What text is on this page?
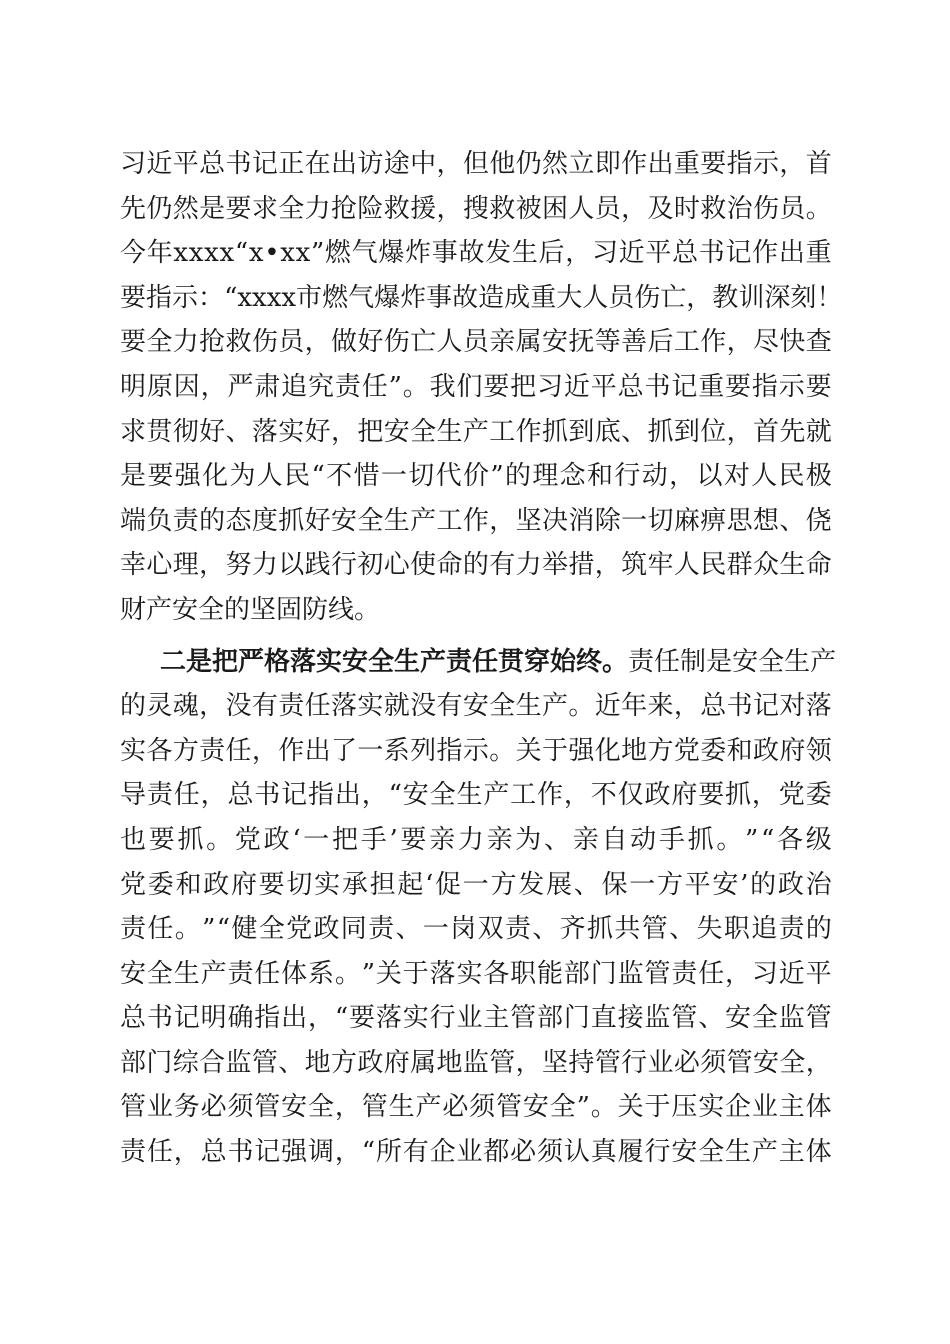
习 近 平 总 书 记 正 在 出 访 途 中 ， 但 他 仍 然 立 即 作 出 重 要 指 示 ， 首
先 仍 然 是 要 求 全 力 抢 险 救 援 ， 搜 救 被 困 人 员 ， 及 时 救 治 伤 员 。
今 年 x x x x “ x • x x ” 燃 气 爆 炸 事 故 发 生 后 ， 习 近 平 总 书 记 作 出 重
要 指 示 ： “ x x x x 市 燃 气 爆 炸 事 故 造 成 重 大 人 员 伤 亡 ， 教 训 深 刻 ！
要 全 力 抢 救 伤 员 ， 做 好 伤 亡 人 员 亲 属 安 抚 等 善 后 工 作 ， 尽 快 查
明 原 因 ， 严 肃 追 究 责 任 ” 。 我 们 要 把 习 近 平 总 书 记 重 要 指 示 要
求 贯 彻 好 、 落 实 好 ， 把 安 全 生 产 工 作 抓 到 底 、 抓 到 位 ， 首 先 就
是 要 强 化 为 人 民 “ 不 惜 一 切 代 价 ” 的 理 念 和 行 动 ， 以 对 人 民 极
端 负 责 的 态 度 抓 好 安 全 生 产 工 作 ， 坚 决 消 除 一 切 麻 痹 思 想 、 侥
幸 心 理 ， 努 力 以 践 行 初 心 使 命 的 有 力 举 措 ， 筑 牢 人 民 群 众 生 命
财产安全的坚固防线。
二是把严格落实安全生产责任贯穿始终。 责 任 制 是 安 全 生 产
的 灵 魂 ， 没 有 责 任 落 实 就 没 有 安 全 生 产 。 近 年 来 ， 总 书 记 对 落
实 各 方 责 任 ， 作 出 了 一 系 列 指 示 。 关 于 强 化 地 方 党 委 和 政 府 领
导 责 任 ， 总 书 记 指 出 ， “ 安 全 生 产 工 作 ， 不 仅 政 府 要 抓 ， 党 委
也 要 抓 。 党 政 ‘ 一 把 手 ’ 要 亲 力 亲 为 、 亲 自 动 手 抓 。 ” “ 各 级
党 委 和 政 府 要 切 实 承 担 起 ‘ 促 一 方 发 展 、 保 一 方 平 安 ’ 的 政 治
责 任 。 ” “ 健 全 党 政 同 责 、 一 岗 双 责 、 齐 抓 共 管 、 失 职 追 责 的
安 全 生 产 责 任 体 系 。 ” 关 于 落 实 各 职 能 部 门 监 管 责 任 ， 习 近 平
总 书 记 明 确 指 出 ， “ 要 落 实 行 业 主 管 部 门 直 接 监 管 、 安 全 监 管
部 门 综 合 监 管 、 地 方 政 府 属 地 监 管 ， 坚 持 管 行 业 必 须 管 安 全 ，
管 业 务 必 须 管 安 全 ， 管 生 产 必 须 管 安 全 ” 。 关 于 压 实 企 业 主 体
责 任 ， 总 书 记 强 调 ， “ 所 有 企 业 都 必 须 认 真 履 行 安 全 生 产 主 体
